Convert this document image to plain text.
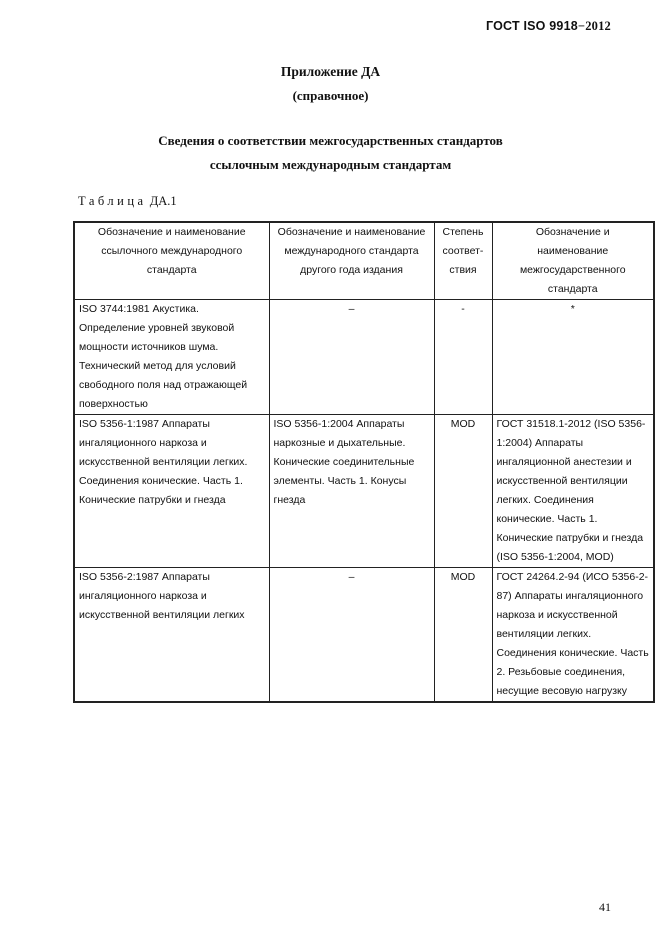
ГОСТ ISO 9918−2012
Приложение ДА
(справочное)
Сведения о соответствии межгосударственных стандартов
ссылочным международным стандартам
Таблица ДА.1
Обозначение и наименование ссылочного международного стандарта	Обозначение и наименование международного стандарта другого года издания	Степень соответ- ствия	Обозначение и наименование межгосударственного стандарта
ISO 3744:1981 Акустика. Определение уровней звуковой мощности источников шума. Технический метод для условий свободного поля над отражающей поверхностью	–	-	*
ISO 5356-1:1987 Аппараты ингаляционного наркоза и искусственной вентиляции легких. Соединения конические. Часть 1. Конические патрубки и гнезда	ISO 5356-1:2004 Аппараты наркозные и дыхательные. Конические соединительные элементы. Часть 1. Конусы гнезда	MOD	ГОСТ 31518.1-2012 (ISO 5356-1:2004) Аппараты ингаляционной анестезии и искусственной вентиляции легких. Соединения конические. Часть 1. Конические патрубки и гнезда (ISO 5356-1:2004, MOD)
ISO 5356-2:1987 Аппараты ингаляционного наркоза и искусственной вентиляции легких	–	MOD	ГОСТ 24264.2-94 (ИСО 5356-2-87) Аппараты ингаляционного наркоза и искусственной вентиляции легких. Соединения конические. Часть 2. Резьбовые соединения, несущие весовую нагрузку
41
